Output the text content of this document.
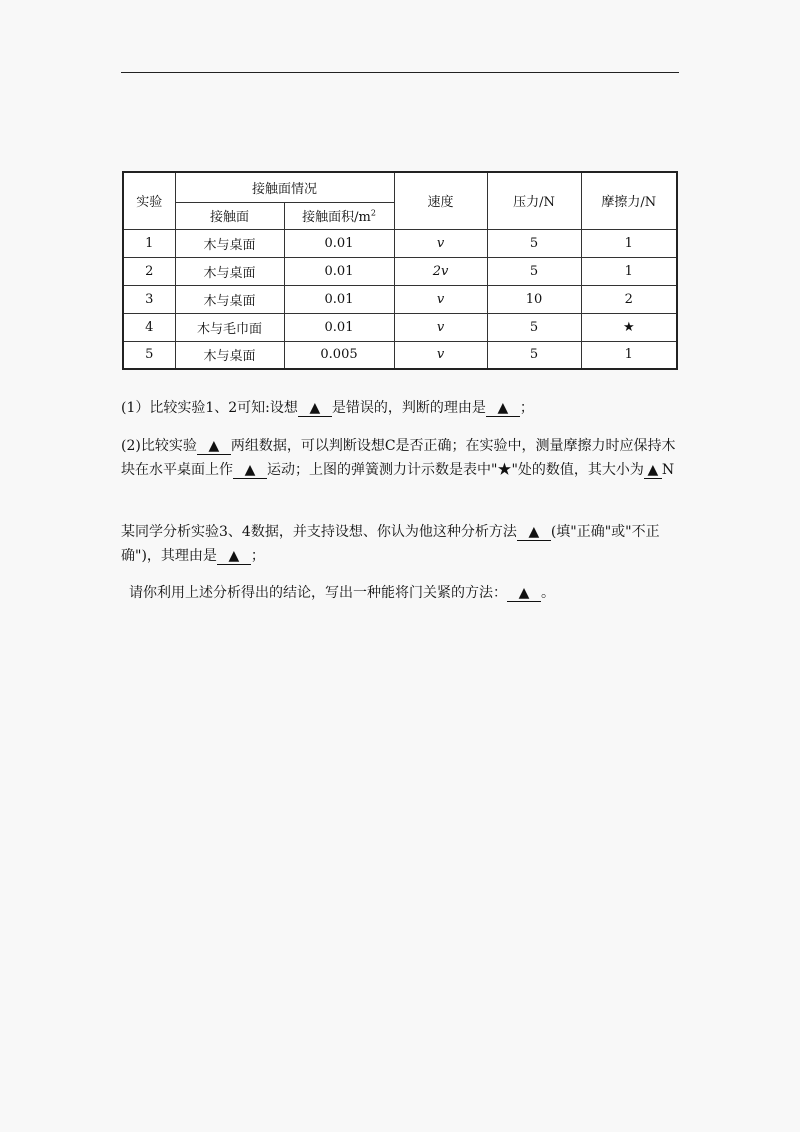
实验	接触面情况		速度	压力/N	摩擦力/N
	接触面	接触面积$/m^2$
1	木与桌面	0.01	v	5	1
2	木与桌面	0.01	2v	5	1
3	木与桌面	0.01	v	10	2
4	木与毛巾面	0.01	v	5	★
5	木与桌面	0.005	v	5	1
(1）比较实验1、2可知:设想 ▲ 是错误的，判断的理由是 ▲ ；
(2)比较实验 ▲ 两组数据，可以判断设想C是否正确；在实验中，测量摩擦力时应保持木块在水平桌面上作 ▲ 运动；上图的弹簧测力计示数是表中"★"处的数值，其大小为 ▲ N
某同学分析实验3、4数据，并支持设想、你认为他这种分析方法 ▲ (填"正确"或"不正确")，其理由是 ▲ ；
请你利用上述分析得出的结论，写出一种能将门关紧的方法： ▲ 。
